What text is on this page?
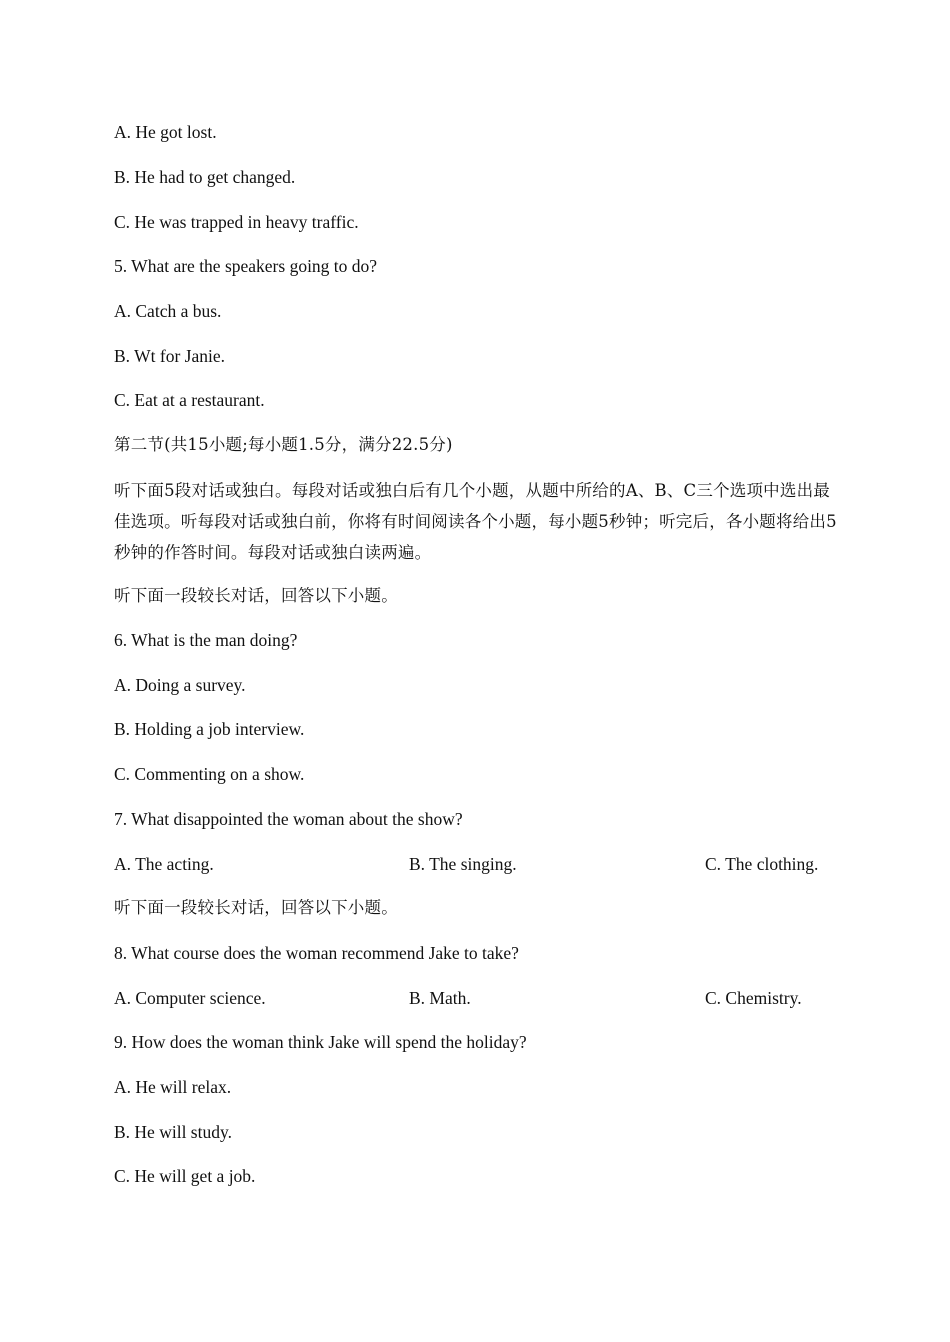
A. He got lost.
B. He had to get changed.
C. He was trapped in heavy traffic.
5. What are the speakers going to do?
A. Catch a bus.
B. Wt for Janie.
C. Eat at a restaurant.
第二节(共15小题;每小题1.5分，满分22.5分)
听下面5段对话或独白。每段对话或独白后有几个小题，从题中所给的A、B、C三个选项中选出最佳选项。听每段对话或独白前，你将有时间阅读各个小题，每小题5秒钟；听完后，各小题将给出5秒钟的作答时间。每段对话或独白读两遍。
听下面一段较长对话，回答以下小题。
6. What is the man doing?
A. Doing a survey.
B. Holding a job interview.
C. Commenting on a show.
7. What disappointed the woman about the show?
A. The acting.	B. The singing.	C. The clothing.
听下面一段较长对话，回答以下小题。
8. What course does the woman recommend Jake to take?
A. Computer science.	B. Math.	C. Chemistry.
9. How does the woman think Jake will spend the holiday?
A. He will relax.
B. He will study.
C. He will get a job.
